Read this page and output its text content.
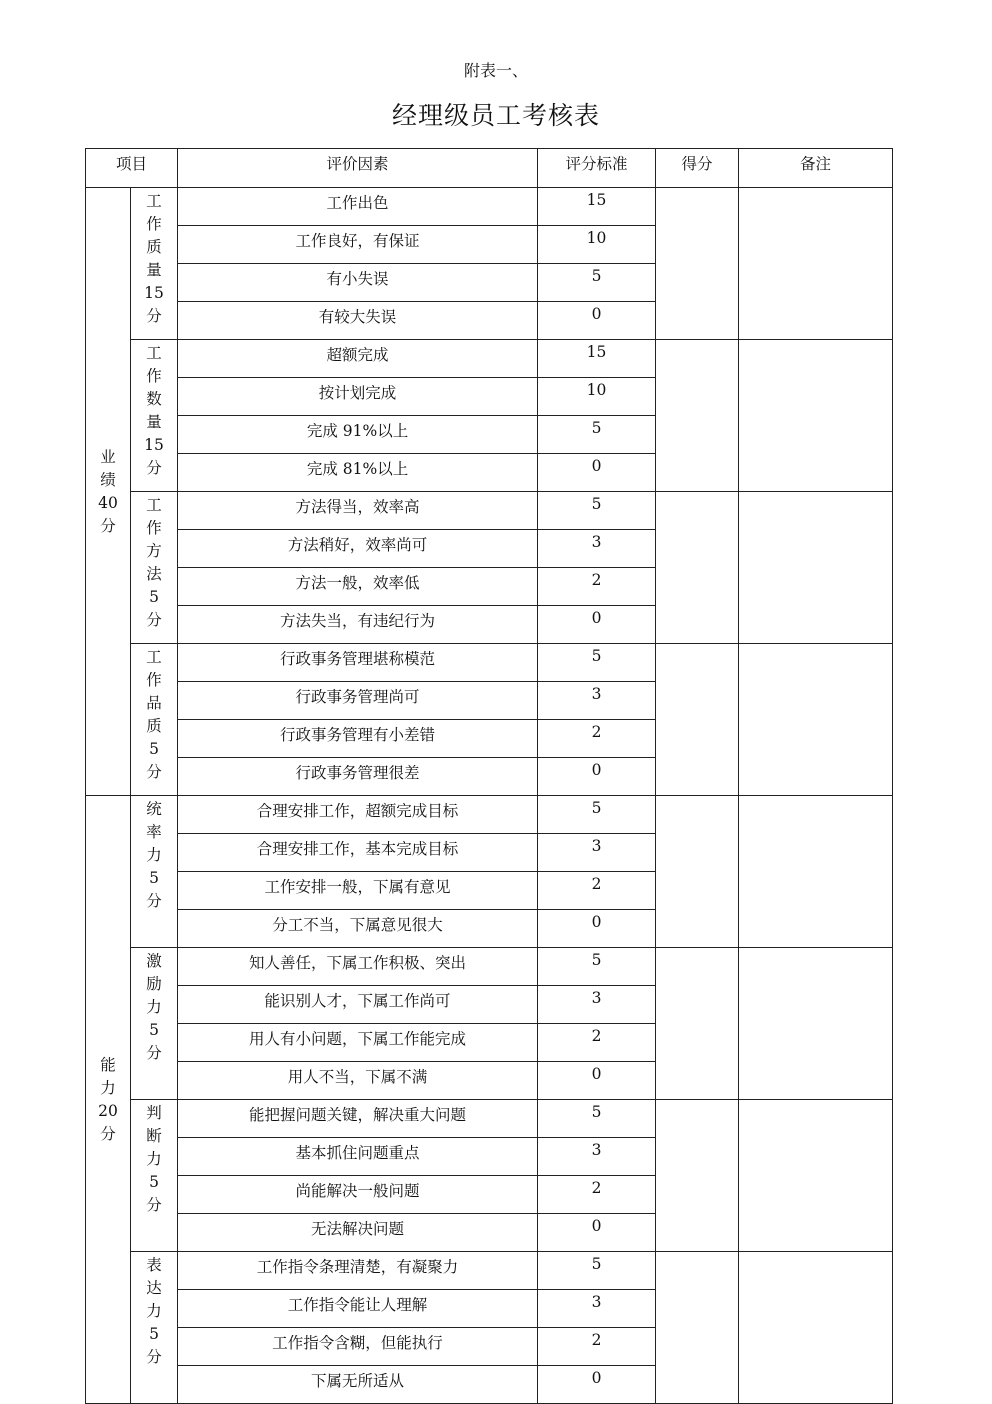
附表一、
经理级员工考核表
项目		评价因素	评分标准	得分	备注
业绩40分	工作质量15分	工作出色	15		
		工作良好，有保证	10		
		有小失误	5		
		有较大失误	0		
	工作数量15分	超额完成	15		
		按计划完成	10		
		完成 91%以上	5		
		完成 81%以上	0		
	工作方法5分	方法得当，效率高	5		
		方法稍好，效率尚可	3		
		方法一般，效率低	2		
		方法失当，有违纪行为	0		
	工作品质5分	行政事务管理堪称模范	5		
		行政事务管理尚可	3		
		行政事务管理有小差错	2		
		行政事务管理很差	0		
能力20分	统率力5分	合理安排工作，超额完成目标	5		
		合理安排工作，基本完成目标	3		
		工作安排一般，下属有意见	2		
		分工不当，下属意见很大	0		
	激励力5分	知人善任，下属工作积极、突出	5		
		能识别人才，下属工作尚可	3		
		用人有小问题，下属工作能完成	2		
		用人不当，下属不满	0		
	判断力5分	能把握问题关键，解决重大问题	5		
		基本抓住问题重点	3		
		尚能解决一般问题	2		
		无法解决问题	0		
	表达力5分	工作指令条理清楚，有凝聚力	5		
		工作指令能让人理解	3		
		工作指令含糊，但能执行	2		
		下属无所适从	0		
